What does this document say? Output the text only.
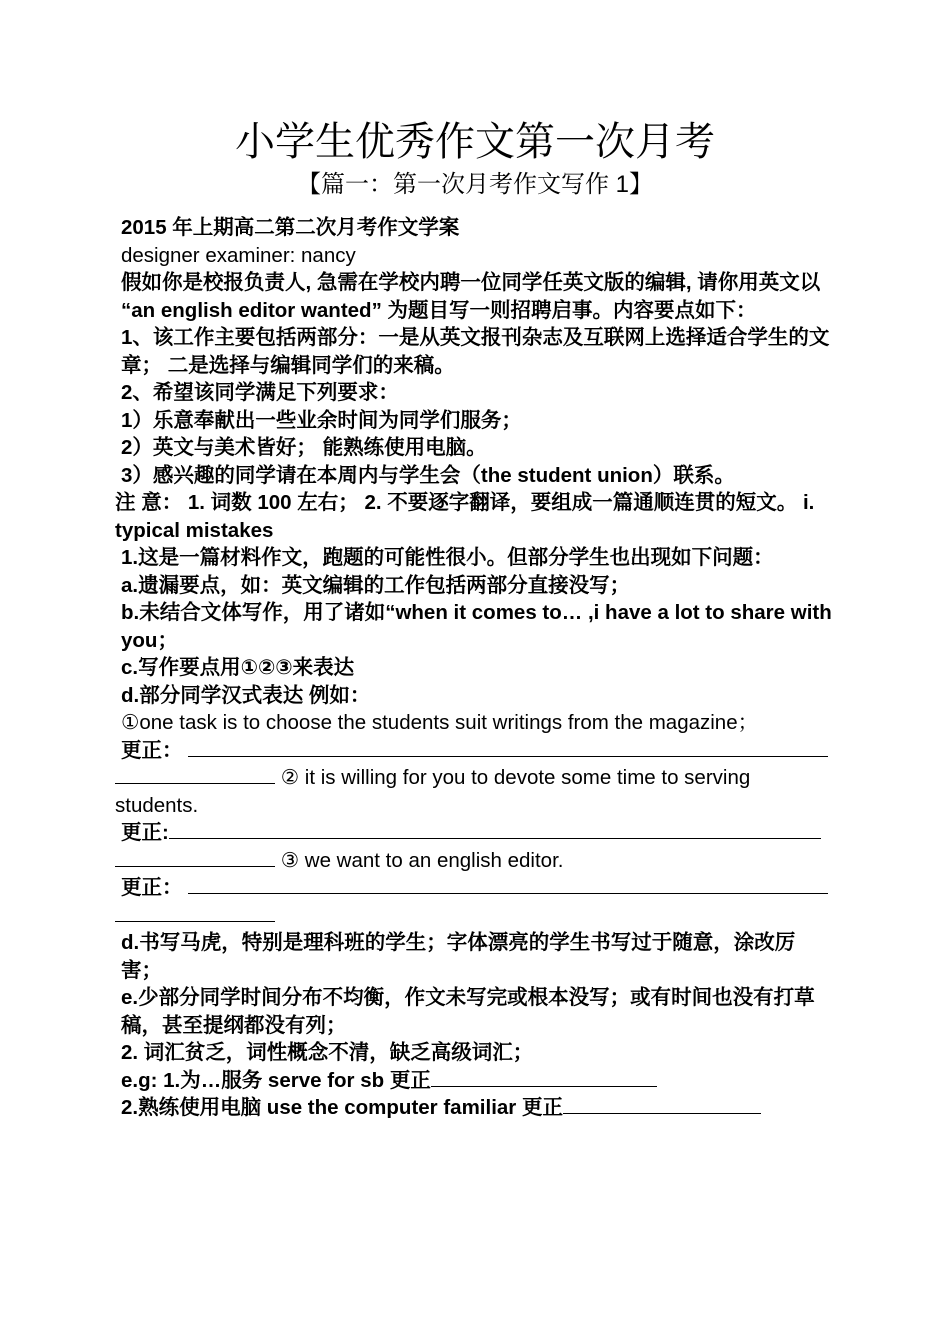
小学生优秀作文第一次月考
【篇一：第一次月考作文写作 1】

2015 年上期高二第二次月考作文学案

designer examiner: nancy

假如你是校报负责人, 急需在学校内聘一位同学任英文版的编辑, 请你用英文以 “an english editor wanted” 为题目写一则招聘启事。内容要点如下：

1、该工作主要包括两部分：一是从英文报刊杂志及互联网上选择适合学生的文章； 二是选择与编辑同学们的来稿。

2、希望该同学满足下列要求：

1）乐意奉献出一些业余时间为同学们服务；

2）英文与美术皆好； 能熟练使用电脑。

3）感兴趣的同学请在本周内与学生会（the student union）联系。

注 意： 1. 词数 100 左右； 2. 不要逐字翻译，要组成一篇通顺连贯的短文。 i. typical mistakes

1.这是一篇材料作文，跑题的可能性很小。但部分学生也出现如下问题：

a.遗漏要点，如：英文编辑的工作包括两部分直接没写；

b.未结合文体写作，用了诸如“when it comes to… ,i have a lot to share with you；

c.写作要点用①②③来表达

d.部分同学汉式表达 例如：

①one task is to choose the students suit writings from the magazine；

更正：

② it is willing for you to devote some time to serving students.

更正:

③ we want to an english editor.

更正：

d.书写马虎，特别是理科班的学生；字体漂亮的学生书写过于随意，涂改厉害；

e.少部分同学时间分布不均衡，作文未写完或根本没写；或有时间也没有打草稿，甚至提纲都没有列；

2. 词汇贫乏，词性概念不清，缺乏高级词汇；

e.g: 1.为…服务 serve for sb 更正

2.熟练使用电脑 use the computer familiar 更正
